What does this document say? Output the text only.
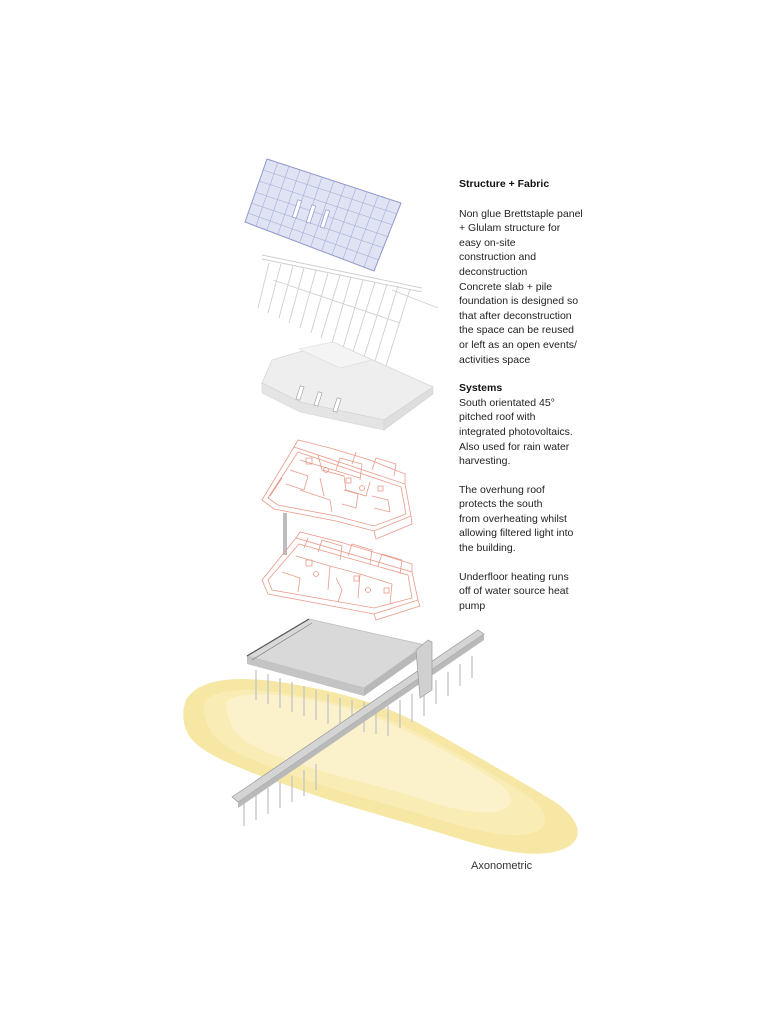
Structure + Fabric

Non glue Brettstaple panel
+ Glulam structure for
easy on-site
construction and
deconstruction
Concrete slab + pile
foundation is designed so
that after deconstruction
the space can be reused
or left as an open events/
activities space

Systems

South orientated 45°
pitched roof with
integrated photovoltaics.
Also used for rain water
harvesting.

The overhung roof
protects the south
from overheating whilst
allowing filtered light into
the building.

Underfloor heating runs
off of water source heat
pump

Axonometric
